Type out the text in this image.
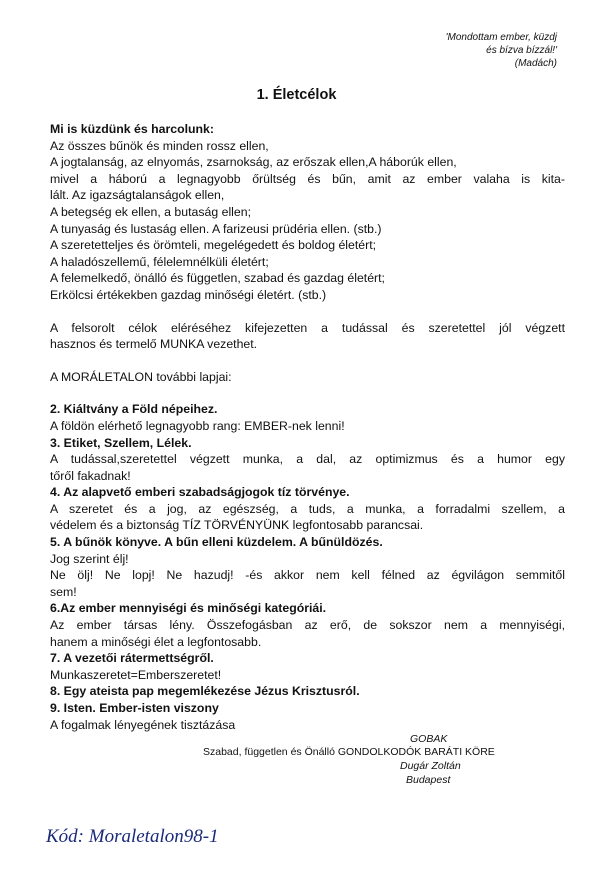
'Mondottam ember, küzdj
és bízva bízzál!'
(Madách)
1. Életcélok
Mi is küzdünk és harcolunk:
Az összes bűnök és minden rossz ellen,
A jogtalanság, az elnyomás, zsarnokság, az erőszak ellen,A háborúk ellen,
mivel a háború a legnagyobb őrültség és bűn, amit az ember valaha is kita-
lált. Az igazságtalanságok ellen,
A betegség ek ellen, a butaság ellen;
A tunyaság és lustaság ellen. A farizeusi prüdéria ellen. (stb.)
A szeretetteljes és örömteli, megelégedett és boldog életért;
A haladószellemű, félelemnélküli életért;
A felemelkedő, önálló és független, szabad és gazdag életért;
Erkölcsi értékekben gazdag minőségi életért. (stb.)
A felsorolt célok eléréséhez kifejezetten a tudással és szeretettel jól végzett
hasznos és termelő MUNKA vezethet.
A MORÁLETALON további lapjai:
2. Kiáltvány a Föld népeihez.
A földön elérhető legnagyobb rang: EMBER-nek lenni!
3. Etiket, Szellem, Lélek.
A tudással,szeretettel végzett munka, a dal, az optimizmus és a humor egy
tőről fakadnak!
4. Az alapvető emberi szabadságjogok tíz törvénye.
A szeretet és a jog, az egészség, a tuds, a munka, a forradalmi szellem, a
védelem és a biztonság TÍZ TÖRVÉNYÜNK legfontosabb parancsai.
5. A bűnök könyve. A bűn elleni küzdelem. A bűnüldözés.
Jog szerint élj!
Ne ölj! Ne lopj! Ne hazudj! -és akkor nem kell félned az égvilágon semmitől
sem!
6.Az ember mennyiségi és minőségi kategóriái.
Az ember társas lény. Összefogásban az erő, de sokszor nem a mennyiségi,
hanem a minőségi élet a legfontosabb.
7. A vezetői rátermettségről.
Munkaszeretet=Emberszeretet!
8. Egy ateista pap megemlékezése Jézus Krisztusról.
9. Isten. Ember-isten viszony
A fogalmak lényegének tisztázása
GOBAK
Szabad, független és Önálló GONDOLKODÓK BARÁTI KÖRE
Dugár Zoltán
Budapest
Kód: Moraletalon98-1
